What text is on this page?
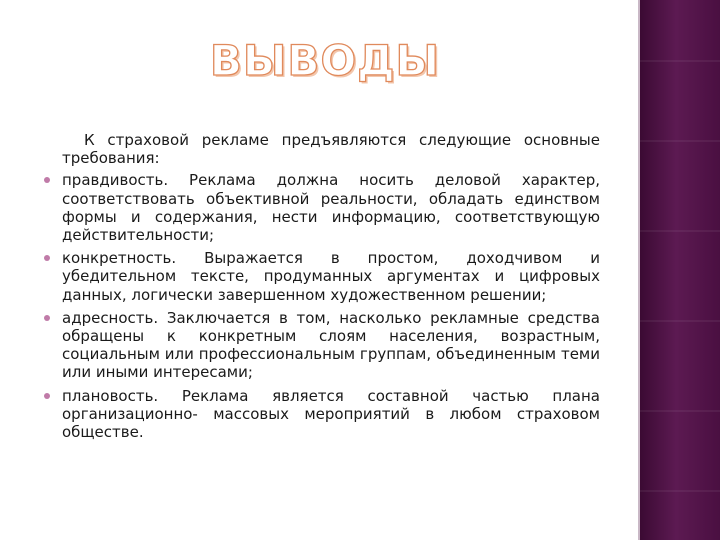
ВЫВОДЫ

К страховой рекламе предъявляются следующие основные требования:

правдивость. Реклама должна носить деловой характер, соответствовать объективной реальности, обладать единством формы и содержания, нести информацию, соответствующую действительности;
конкретность. Выражается в простом, доходчивом и убедительном тексте, продуманных аргументах и цифровых данных, логически завершенном художественном решении;
адресность. Заключается в том, насколько рекламные средства обращены к конкретным слоям населения, возрастным, социальным или профессиональным группам, объединенным теми или иными интересами;
плановость. Реклама является составной частью плана организационно- массовых мероприятий в любом страховом обществе.
